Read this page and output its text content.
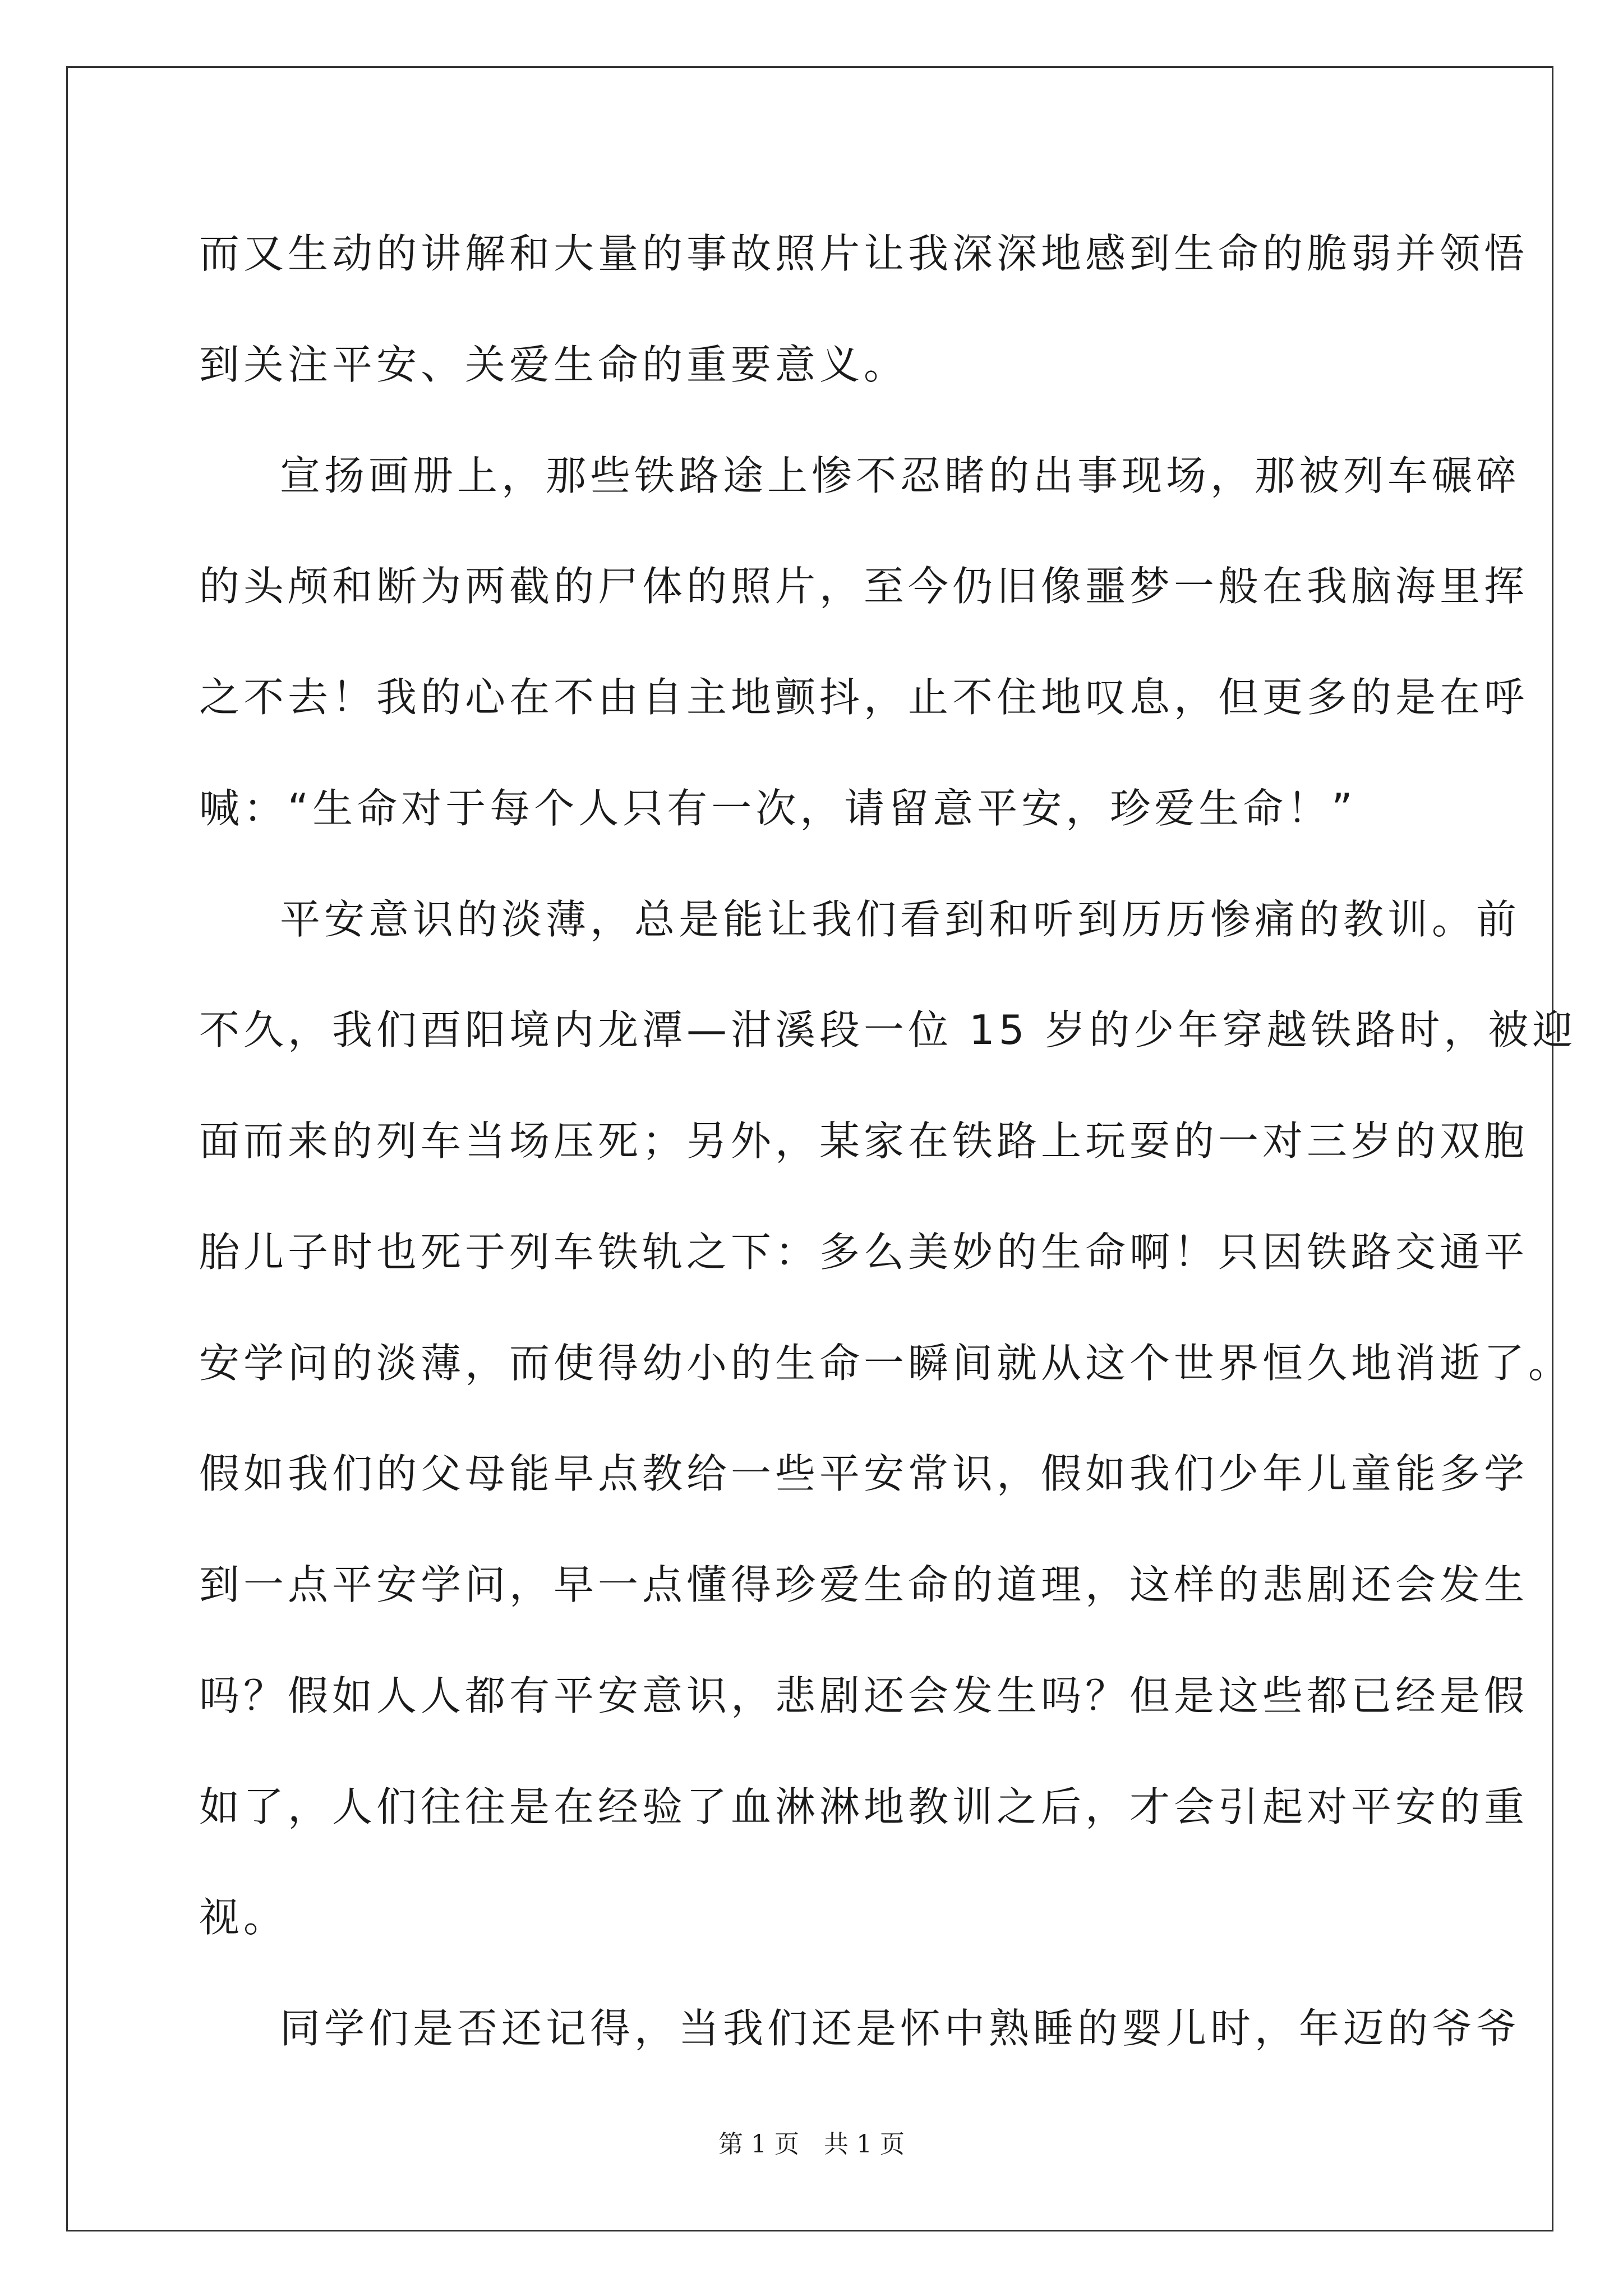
而又生动的讲解和大量的事故照片让我深深地感到生命的脆弱并领悟
到关注平安、关爱生命的重要意义。
宣扬画册上，那些铁路途上惨不忍睹的出事现场，那被列车碾碎
的头颅和断为两截的尸体的照片，至今仍旧像噩梦一般在我脑海里挥
之不去！我的心在不由自主地颤抖，止不住地叹息，但更多的是在呼
喊：“生命对于每个人只有一次，请留意平安，珍爱生命！”
平安意识的淡薄，总是能让我们看到和听到历历惨痛的教训。前
不久，我们酉阳境内龙潭—泔溪段一位 15 岁的少年穿越铁路时，被迎
面而来的列车当场压死；另外，某家在铁路上玩耍的一对三岁的双胞
胎儿子时也死于列车铁轨之下：多么美妙的生命啊！只因铁路交通平
安学问的淡薄，而使得幼小的生命一瞬间就从这个世界恒久地消逝了。
假如我们的父母能早点教给一些平安常识，假如我们少年儿童能多学
到一点平安学问，早一点懂得珍爱生命的道理，这样的悲剧还会发生
吗？假如人人都有平安意识，悲剧还会发生吗？但是这些都已经是假
如了，人们往往是在经验了血淋淋地教训之后，才会引起对平安的重
视。
同学们是否还记得，当我们还是怀中熟睡的婴儿时，年迈的爷爷
第 1 页　共 1 页
